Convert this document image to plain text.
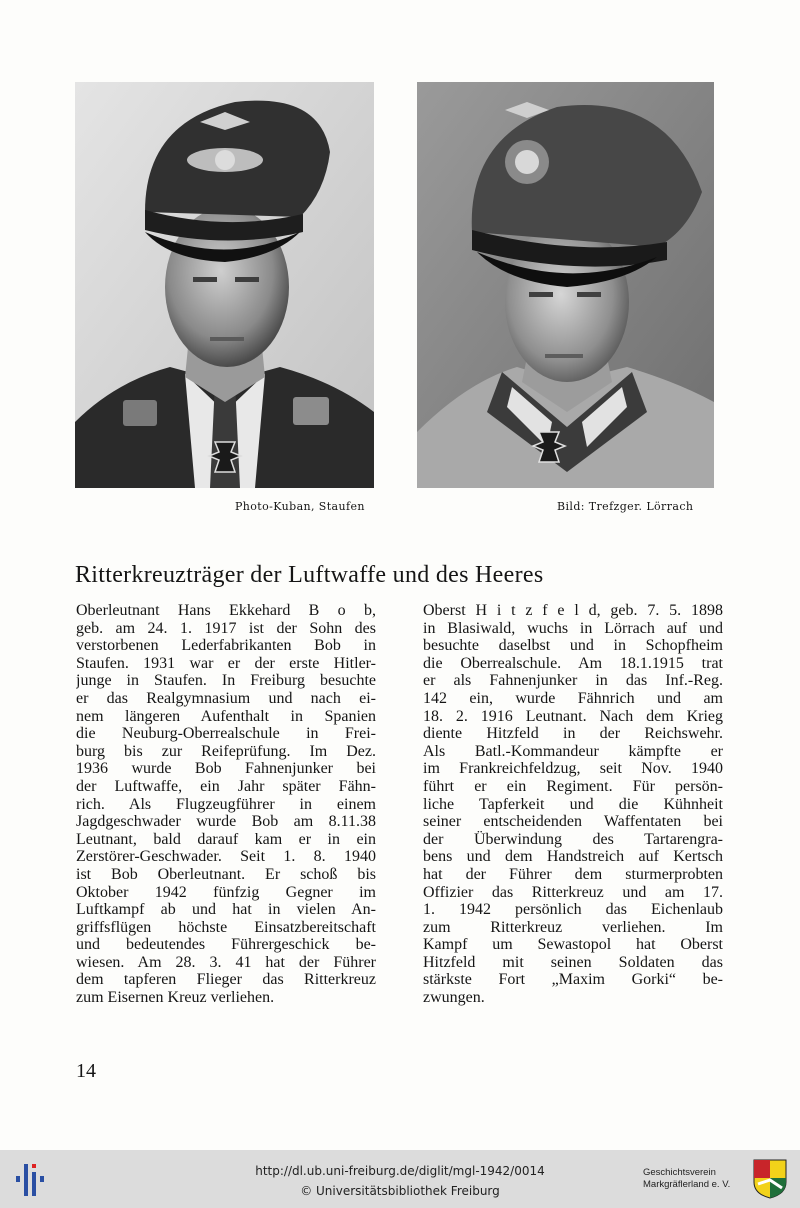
Photo-Kuban, Staufen	Bild: Trefzger. Lörrach
Ritterkreuzträger der Luftwaffe und des Heeres
Oberleutnant Hans Ekkehard B o b,
geb. am 24. 1. 1917 ist der Sohn des
verstorbenen Lederfabrikanten Bob in
Staufen. 1931 war er der erste Hitler-
junge in Staufen. In Freiburg besuchte
er das Realgymnasium und nach ei-
nem längeren Aufenthalt in Spanien
die Neuburg-Oberrealschule in Frei-
burg bis zur Reifeprüfung. Im Dez.
1936 wurde Bob Fahnenjunker bei
der Luftwaffe, ein Jahr später Fähn-
rich. Als Flugzeugführer in einem
Jagdgeschwader wurde Bob am 8.11.38
Leutnant, bald darauf kam er in ein
Zerstörer-Geschwader. Seit 1. 8. 1940
ist Bob Oberleutnant. Er schoß bis
Oktober 1942 fünfzig Gegner im
Luftkampf ab und hat in vielen An-
griffsflügen höchste Einsatzbereitschaft
und bedeutendes Führergeschick be-
wiesen. Am 28. 3. 41 hat der Führer
dem tapferen Flieger das Ritterkreuz
zum Eisernen Kreuz verliehen.
Oberst H i t z f e l d, geb. 7. 5. 1898
in Blasiwald, wuchs in Lörrach auf und
besuchte daselbst und in Schopfheim
die Oberrealschule. Am 18.1.1915 trat
er als Fahnenjunker in das Inf.-Reg.
142 ein, wurde Fähnrich und am
18. 2. 1916 Leutnant. Nach dem Krieg
diente Hitzfeld in der Reichswehr.
Als Batl.-Kommandeur kämpfte er
im Frankreichfeldzug, seit Nov. 1940
führt er ein Regiment. Für persön-
liche Tapferkeit und die Kühnheit
seiner entscheidenden Waffentaten bei
der Überwindung des Tartarengra-
bens und dem Handstreich auf Kertsch
hat der Führer dem sturmerprobten
Offizier das Ritterkreuz und am 17.
1. 1942 persönlich das Eichenlaub
zum Ritterkreuz verliehen. Im
Kampf um Sewastopol hat Oberst
Hitzfeld mit seinen Soldaten das
stärkste Fort „Maxim Gorki“ be-
zwungen.
14
http://dl.ub.uni-freiburg.de/diglit/mgl-1942/0014
© Universitätsbibliothek Freiburg
Geschichtsverein
Markgräflerland e. V.
